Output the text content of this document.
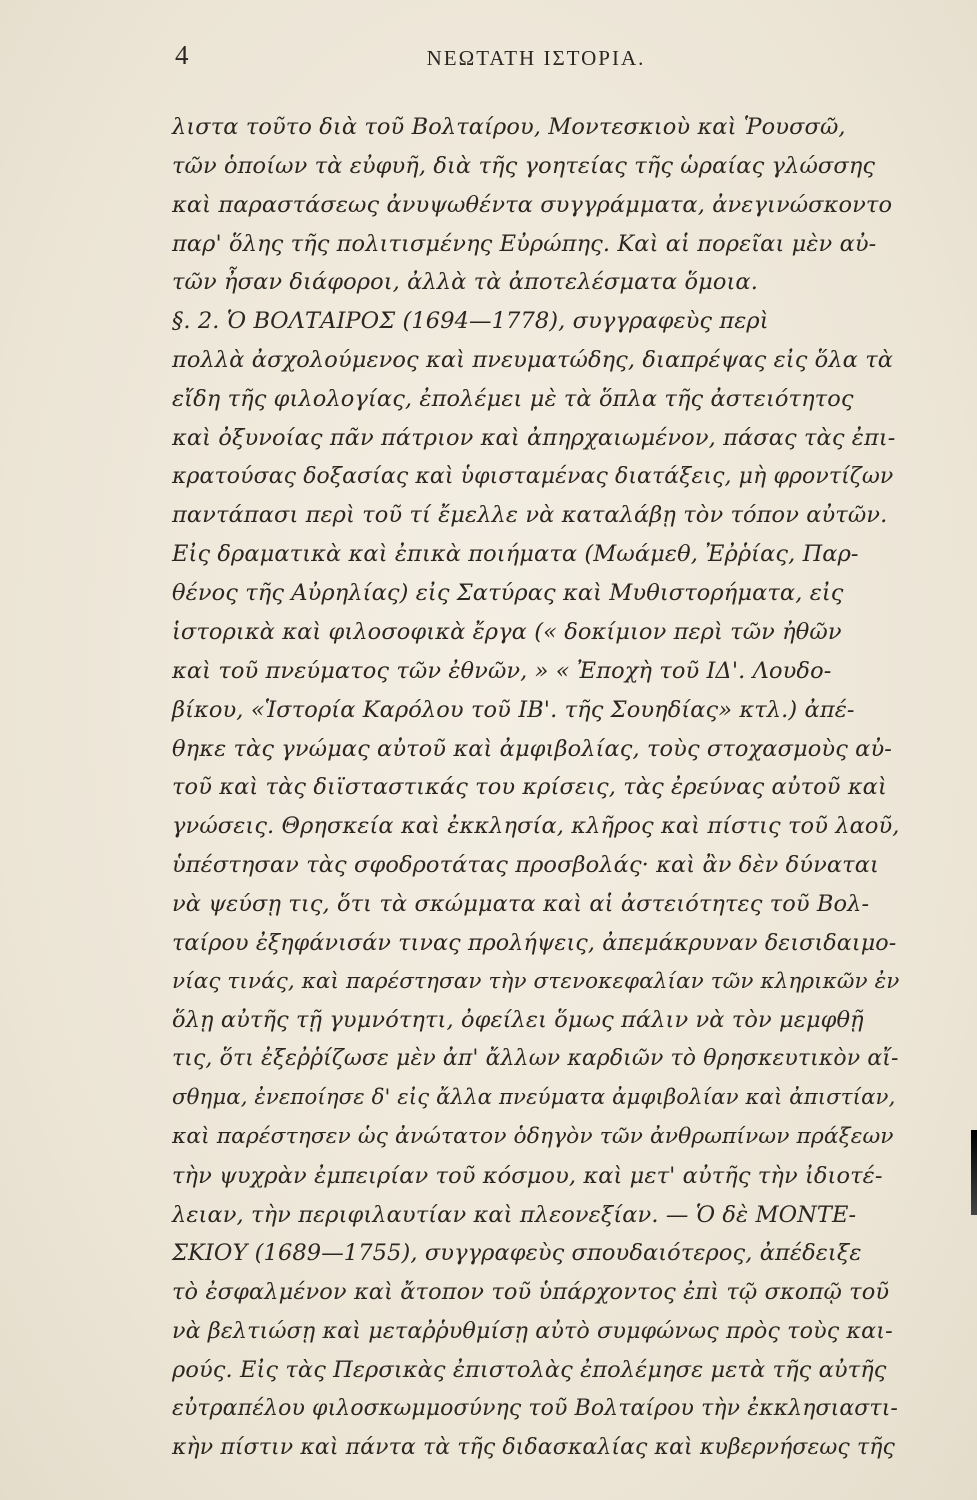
4	ΝΕΩΤΑΤΗ ΙΣΤΟΡΙΑ.
λιστα τοῦτο διὰ τοῦ Βολταίρου, Μοντεσκιοὺ καὶ Ῥουσσῶ,
τῶν ὁποίων τὰ εὐφυῆ, διὰ τῆς γοητείας τῆς ὡραίας γλώσσης
καὶ παραστάσεως ἀνυψωθέντα συγγράμματα, ἀνεγινώσκοντο
παρ' ὅλης τῆς πολιτισμένης Εὐρώπης. Καὶ αἱ πορεῖαι μὲν αὐ-
τῶν ἦσαν διάφοροι, ἀλλὰ τὰ ἀποτελέσματα ὅμοια.
§. 2. Ὁ ΒΟΛΤΑΙΡΟΣ (1694—1778), συγγραφεὺς περὶ
πολλὰ ἀσχολούμενος καὶ πνευματώδης, διαπρέψας εἰς ὅλα τὰ
εἴδη τῆς φιλολογίας, ἐπολέμει μὲ τὰ ὅπλα τῆς ἀστειότητος
καὶ ὀξυνοίας πᾶν πάτριον καὶ ἀπηρχαιωμένον, πάσας τὰς ἐπι-
κρατούσας δοξασίας καὶ ὑφισταμένας διατάξεις, μὴ φροντίζων
παντάπασι περὶ τοῦ τί ἔμελλε νὰ καταλάβῃ τὸν τόπον αὐτῶν.
Εἰς δραματικὰ καὶ ἐπικὰ ποιήματα (Μωάμεθ, Ἐῤῥίας, Παρ-
θένος τῆς Αὐρηλίας) εἰς Σατύρας καὶ Μυθιστορήματα, εἰς
ἱστορικὰ καὶ φιλοσοφικὰ ἔργα (« δοκίμιον περὶ τῶν ἠθῶν
καὶ τοῦ πνεύματος τῶν ἐθνῶν, » « Ἐποχὴ τοῦ ΙΔ'. Λουδο-
βίκου, «Ἱστορία Καρόλου τοῦ ΙΒ'. τῆς Σουηδίας» κτλ.) ἀπέ-
θηκε τὰς γνώμας αὐτοῦ καὶ ἀμφιβολίας, τοὺς στοχασμοὺς αὐ-
τοῦ καὶ τὰς διϊσταστικάς του κρίσεις, τὰς ἐρεύνας αὐτοῦ καὶ
γνώσεις. Θρησκεία καὶ ἐκκλησία, κλῆρος καὶ πίστις τοῦ λαοῦ,
ὑπέστησαν τὰς σφοδροτάτας προσβολάς· καὶ ἂν δὲν δύναται
νὰ ψεύσῃ τις, ὅτι τὰ σκώμματα καὶ αἱ ἀστειότητες τοῦ Βολ-
ταίρου ἐξηφάνισάν τινας προλήψεις, ἀπεμάκρυναν δεισιδαιμο-
νίας τινάς, καὶ παρέστησαν τὴν στενοκεφαλίαν τῶν κληρικῶν ἐν
ὅλῃ αὐτῆς τῇ γυμνότητι, ὀφείλει ὅμως πάλιν νὰ τὸν μεμφθῇ
τις, ὅτι ἐξεῤῥίζωσε μὲν ἀπ' ἄλλων καρδιῶν τὸ θρησκευτικὸν αἴ-
σθημα, ἐνεποίησε δ' εἰς ἄλλα πνεύματα ἀμφιβολίαν καὶ ἀπιστίαν,
καὶ παρέστησεν ὡς ἀνώτατον ὁδηγὸν τῶν ἀνθρωπίνων πράξεων
τὴν ψυχρὰν ἐμπειρίαν τοῦ κόσμου, καὶ μετ' αὐτῆς τὴν ἰδιοτέ-
λειαν, τὴν περιφιλαυτίαν καὶ πλεονεξίαν. — Ὁ δὲ ΜΟΝΤΕ-
ΣΚΙΟΥ (1689—1755), συγγραφεὺς σπουδαιότερος, ἀπέδειξε
τὸ ἐσφαλμένον καὶ ἄτοπον τοῦ ὑπάρχοντος ἐπὶ τῷ σκοπῷ τοῦ
νὰ βελτιώσῃ καὶ μεταῤῥυθμίσῃ αὐτὸ συμφώνως πρὸς τοὺς και-
ρούς. Εἰς τὰς Περσικὰς ἐπιστολὰς ἐπολέμησε μετὰ τῆς αὐτῆς
εὐτραπέλου φιλοσκωμμοσύνης τοῦ Βολταίρου τὴν ἐκκλησιαστι-
κὴν πίστιν καὶ πάντα τὰ τῆς διδασκαλίας καὶ κυβερνήσεως τῆς
